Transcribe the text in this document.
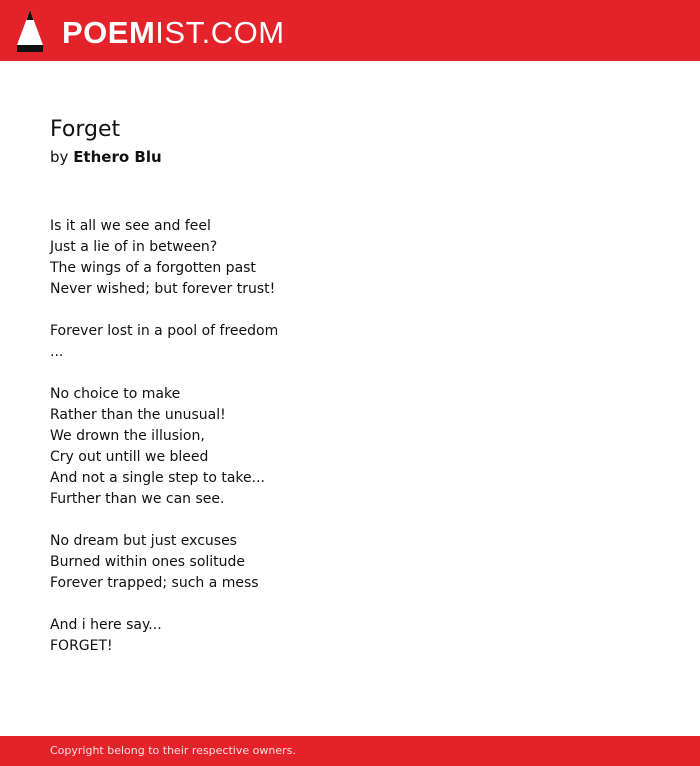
POEMIST.COM
Forget

by Ethero Blu

Is it all we see and feel
Just a lie of in between?
The wings of a forgotten past
Never wished; but forever trust!

Forever lost in a pool of freedom
...

No choice to make
Rather than the unusual!
We drown the illusion,
Cry out untill we bleed
And not a single step to take...
Further than we can see.

No dream but just excuses
Burned within ones solitude
Forever trapped; such a mess

And i here say...
FORGET!

Copyright belong to their respective owners.
